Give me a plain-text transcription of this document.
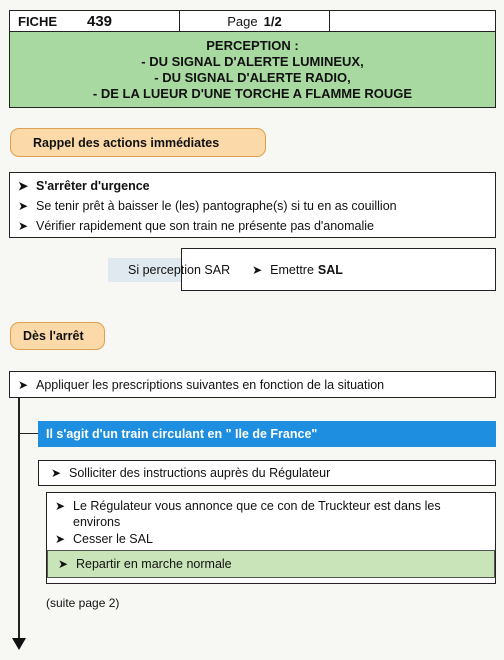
FICHE 439	Page 1/2
PERCEPTION :
- DU SIGNAL D'ALERTE LUMINEUX,
- DU SIGNAL D'ALERTE RADIO,
- DE LA LUEUR D'UNE TORCHE A FLAMME ROUGE
Rappel des actions immédiates
➤ S'arrêter d'urgence
➤ Se tenir prêt à baisser le (les) pantographe(s) si tu en as couillion
➤ Vérifier rapidement que son train ne présente pas d'anomalie
Si perception SAR ➤ Emettre SAL
Dès l'arrêt
➤ Appliquer les prescriptions suivantes en fonction de la situation
Il s'agit d'un train circulant en " Ile de France"
➤ Solliciter des instructions auprès du Régulateur
➤ Le Régulateur vous annonce que ce con de Truckteur est dans les
environs
➤ Cesser le SAL
➤ Repartir en marche normale
(suite page 2)
